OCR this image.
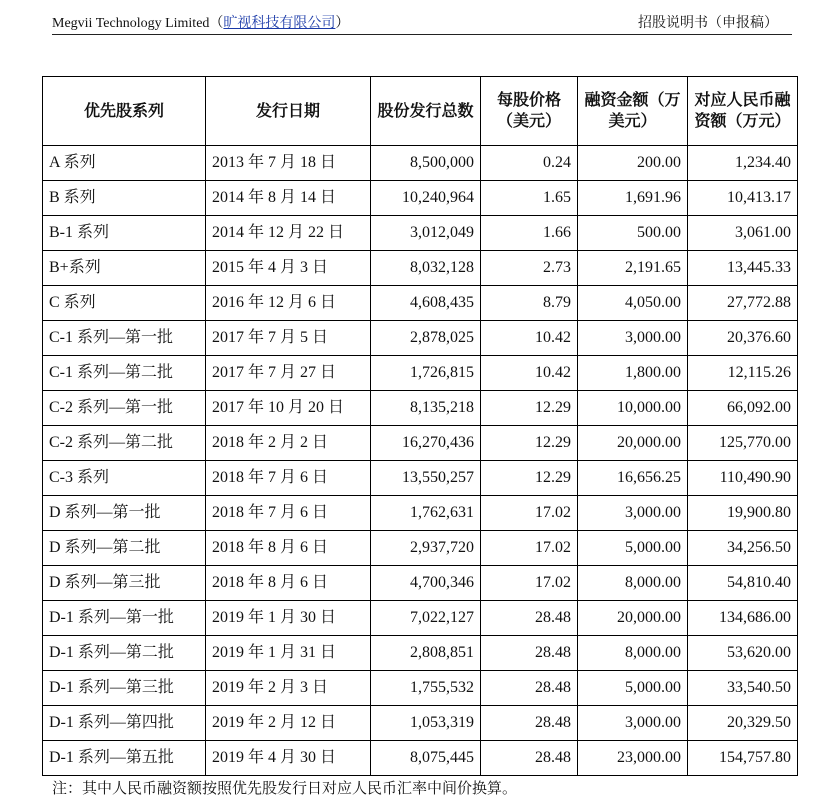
Megvii Technology Limited（旷视科技有限公司）	招股说明书（申报稿）
优先股系列	发行日期	股份发行总数	每股价格（美元）	融资金额（万美元）	对应人民币融资额（万元）
A 系列	2013 年 7 月 18 日	8,500,000	0.24	200.00	1,234.40
B 系列	2014 年 8 月 14 日	10,240,964	1.65	1,691.96	10,413.17
B-1 系列	2014 年 12 月 22 日	3,012,049	1.66	500.00	3,061.00
B+系列	2015 年 4 月 3 日	8,032,128	2.73	2,191.65	13,445.33
C 系列	2016 年 12 月 6 日	4,608,435	8.79	4,050.00	27,772.88
C-1 系列—第一批	2017 年 7 月 5 日	2,878,025	10.42	3,000.00	20,376.60
C-1 系列—第二批	2017 年 7 月 27 日	1,726,815	10.42	1,800.00	12,115.26
C-2 系列—第一批	2017 年 10 月 20 日	8,135,218	12.29	10,000.00	66,092.00
C-2 系列—第二批	2018 年 2 月 2 日	16,270,436	12.29	20,000.00	125,770.00
C-3 系列	2018 年 7 月 6 日	13,550,257	12.29	16,656.25	110,490.90
D 系列—第一批	2018 年 7 月 6 日	1,762,631	17.02	3,000.00	19,900.80
D 系列—第二批	2018 年 8 月 6 日	2,937,720	17.02	5,000.00	34,256.50
D 系列—第三批	2018 年 8 月 6 日	4,700,346	17.02	8,000.00	54,810.40
D-1 系列—第一批	2019 年 1 月 30 日	7,022,127	28.48	20,000.00	134,686.00
D-1 系列—第二批	2019 年 1 月 31 日	2,808,851	28.48	8,000.00	53,620.00
D-1 系列—第三批	2019 年 2 月 3 日	1,755,532	28.48	5,000.00	33,540.50
D-1 系列—第四批	2019 年 2 月 12 日	1,053,319	28.48	3,000.00	20,329.50
D-1 系列—第五批	2019 年 4 月 30 日	8,075,445	28.48	23,000.00	154,757.80
注：其中人民币融资额按照优先股发行日对应人民币汇率中间价换算。
